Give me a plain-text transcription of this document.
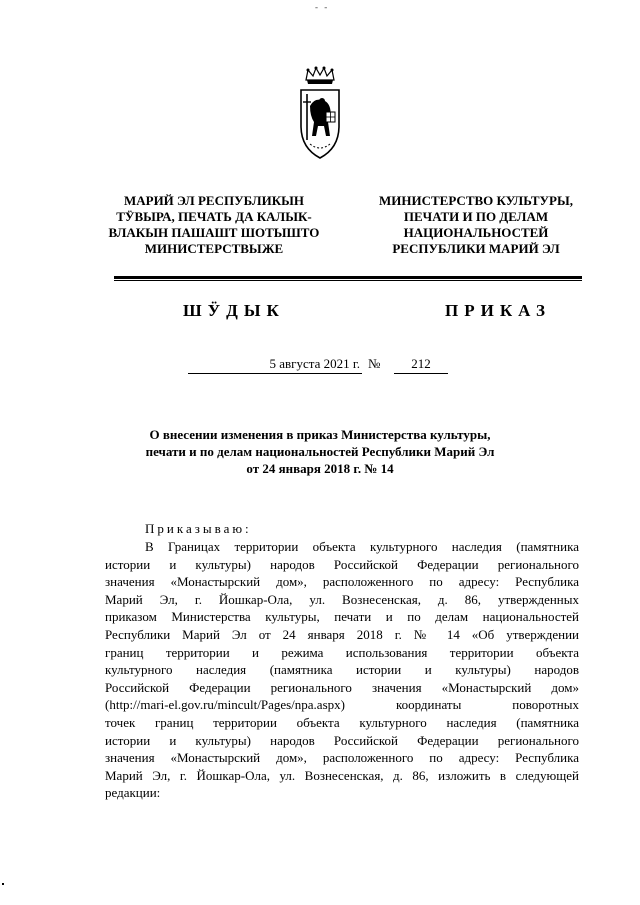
- -
МАРИЙ ЭЛ РЕСПУБЛИКЫН
ТӰВЫРА, ПЕЧАТЬ ДА КАЛЫК-
ВЛАКЫН ПАШАШТ ШОТЫШТО
МИНИСТЕРСТВЫЖЕ
МИНИСТЕРСТВО КУЛЬТУРЫ,
ПЕЧАТИ И ПО ДЕЛАМ
НАЦИОНАЛЬНОСТЕЙ
РЕСПУБЛИКИ МАРИЙ ЭЛ
ШӰДЫК	ПРИКАЗ
5 августа 2021 г. №	212
О внесении изменения в приказ Министерства культуры,
печати и по делам национальностей Республики Марий Эл
от 24 января 2018 г. № 14
Приказываю:
В Границах территории объекта культурного наследия (памятника
истории и культуры) народов Российской Федерации регионального
значения «Монастырский дом», расположенного по адресу: Республика
Марий Эл, г. Йошкар-Ола, ул. Вознесенская, д. 86, утвержденных
приказом Министерства культуры, печати и по делам национальностей
Республики Марий Эл от 24 января 2018 г. № 14 «Об утверждении
границ территории и режима использования территории объекта
культурного наследия (памятника истории и культуры) народов
Российской Федерации регионального значения «Монастырский дом»
(http://mari-el.gov.ru/mincult/Pages/npa.aspx) координаты поворотных
точек границ территории объекта культурного наследия (памятника
истории и культуры) народов Российской Федерации регионального
значения «Монастырский дом», расположенного по адресу: Республика
Марий Эл, г. Йошкар-Ола, ул. Вознесенская, д. 86, изложить в следующей
редакции:
